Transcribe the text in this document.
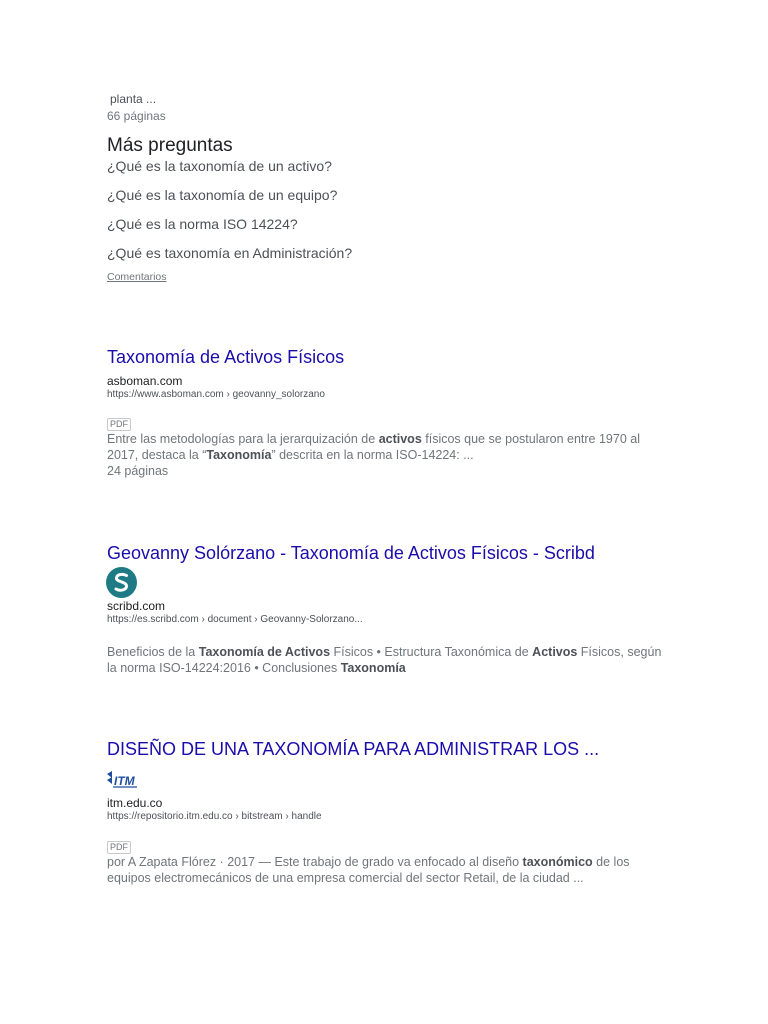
planta ...
66 páginas
Más preguntas
¿Qué es la taxonomía de un activo?
¿Qué es la taxonomía de un equipo?
¿Qué es la norma ISO 14224?
¿Qué es taxonomía en Administración?
Comentarios
Taxonomía de Activos Físicos
asboman.com
https://www.asboman.com › geovanny_solorzano
PDF
Entre las metodologías para la jerarquización de activos físicos que se postularon entre 1970 al 2017, destaca la “Taxonomía” descrita en la norma ISO-14224: ...
24 páginas
Geovanny Solórzano - Taxonomía de Activos Físicos - Scribd
scribd.com
https://es.scribd.com › document › Geovanny-Solorzano...
Beneficios de la Taxonomía de Activos Físicos • Estructura Taxonómica de Activos Físicos, según la norma ISO-14224:2016 • Conclusiones Taxonomía
DISEÑO DE UNA TAXONOMÍA PARA ADMINISTRAR LOS ...
ITM
itm.edu.co
https://repositorio.itm.edu.co › bitstream › handle
PDF
por A Zapata Flórez · 2017 — Este trabajo de grado va enfocado al diseño taxonómico de los equipos electromecánicos de una empresa comercial del sector Retail, de la ciudad ...
